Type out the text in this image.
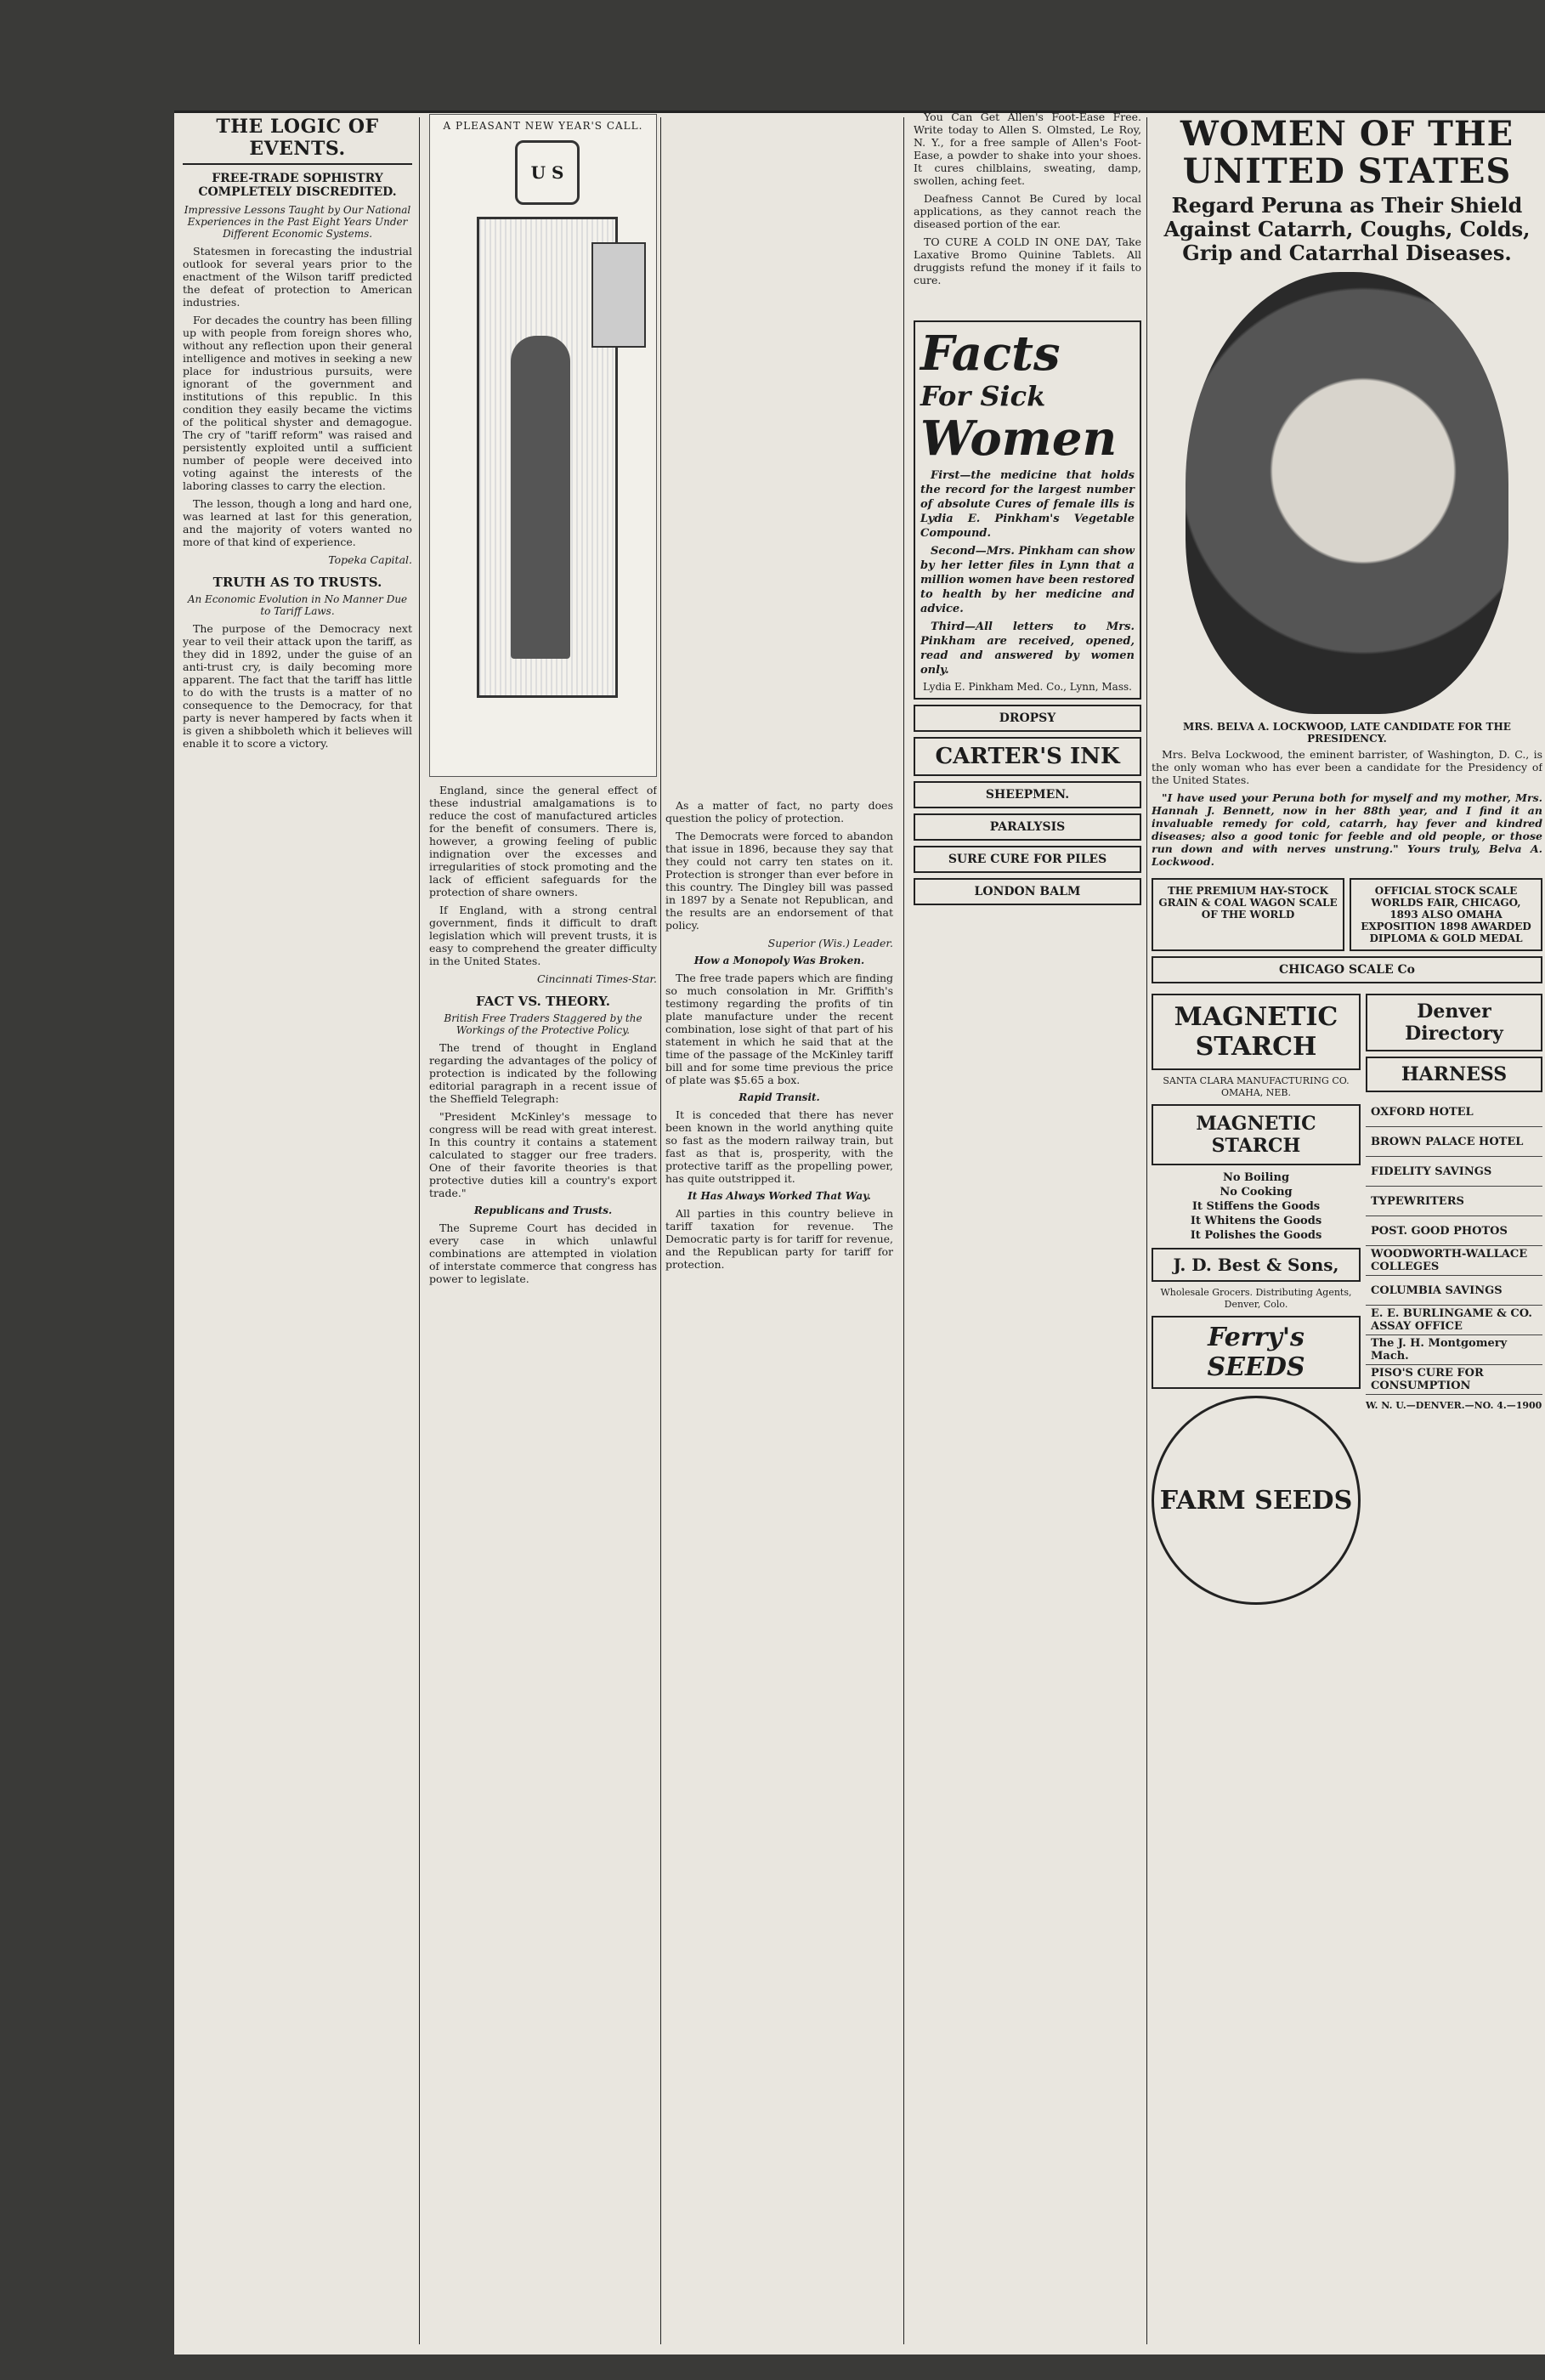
THE LOGIC OF EVENTS.
FREE-TRADE SOPHISTRY COMPLETELY DISCREDITED.
Impressive Lessons Taught by Our National Experiences in the Past Eight Years Under Different Economic Systems.

Statesmen in forecasting the industrial outlook for several years prior to the enactment of the Wilson tariff predicted the defeat of protection to American industries.

For decades the country has been filling up with people from foreign shores who, without any reflection upon their general intelligence and motives in seeking a new place for industrious pursuits, were ignorant of the government and institutions of this republic. In this condition they easily became the victims of the political shyster and demagogue. The cry of "tariff reform" was raised and persistently exploited until a sufficient number of people were deceived into voting against the interests of the laboring classes to carry the election.

The lesson, though a long and hard one, was learned at last for this generation, and the majority of voters wanted no more of that kind of experience.

Topeka Capital.

TRUTH AS TO TRUSTS.
An Economic Evolution in No Manner Due to Tariff Laws.

The purpose of the Democracy next year to veil their attack upon the tariff, as they did in 1892, under the guise of an anti-trust cry, is daily becoming more apparent. The fact that the tariff has little to do with the trusts is a matter of no consequence to the Democracy, for that party is never hampered by facts when it is given a shibboleth which it believes will enable it to score a victory.

A PLEASANT NEW YEAR'S CALL.
U S

England, since the general effect of these industrial amalgamations is to reduce the cost of manufactured articles for the benefit of consumers. There is, however, a growing feeling of public indignation over the excesses and irregularities of stock promoting and the lack of efficient safeguards for the protection of share owners.

If England, with a strong central government, finds it difficult to draft legislation which will prevent trusts, it is easy to comprehend the greater difficulty in the United States.

Cincinnati Times-Star.

FACT VS. THEORY.
British Free Traders Staggered by the Workings of the Protective Policy.

The trend of thought in England regarding the advantages of the policy of protection is indicated by the following editorial paragraph in a recent issue of the Sheffield Telegraph:

"President McKinley's message to congress will be read with great interest. In this country it contains a statement calculated to stagger our free traders. One of their favorite theories is that protective duties kill a country's export trade."

Republicans and Trusts.

The Supreme Court has decided in every case in which unlawful combinations are attempted in violation of interstate commerce that congress has power to legislate.

As a matter of fact, no party does question the policy of protection.

The Democrats were forced to abandon that issue in 1896, because they say that they could not carry ten states on it. Protection is stronger than ever before in this country. The Dingley bill was passed in 1897 by a Senate not Republican, and the results are an endorsement of that policy.

Superior (Wis.) Leader.

How a Monopoly Was Broken.

The free trade papers which are finding so much consolation in Mr. Griffith's testimony regarding the profits of tin plate manufacture under the recent combination, lose sight of that part of his statement in which he said that at the time of the passage of the McKinley tariff bill and for some time previous the price of plate was $5.65 a box.

Rapid Transit.

It is conceded that there has never been known in the world anything quite so fast as the modern railway train, but fast as that is, prosperity, with the protective tariff as the propelling power, has quite outstripped it.

It Has Always Worked That Way.

All parties in this country believe in tariff taxation for revenue. The Democratic party is for tariff for revenue, and the Republican party for tariff for protection.

You Can Get Allen's Foot-Ease Free. Write today to Allen S. Olmsted, Le Roy, N. Y., for a free sample of Allen's Foot-Ease, a powder to shake into your shoes. It cures chilblains, sweating, damp, swollen, aching feet.

Deafness Cannot Be Cured by local applications, as they cannot reach the diseased portion of the ear.

TO CURE A COLD IN ONE DAY, Take Laxative Bromo Quinine Tablets. All druggists refund the money if it fails to cure.

Facts
For Sick
Women

First—the medicine that holds the record for the largest number of absolute Cures of female ills is Lydia E. Pinkham's Vegetable Compound.

Second—Mrs. Pinkham can show by her letter files in Lynn that a million women have been restored to health by her medicine and advice.

Third—All letters to Mrs. Pinkham are received, opened, read and answered by women only.

Lydia E. Pinkham Med. Co., Lynn, Mass.
DROPSY
CARTER'S INK
SHEEPMEN.
PARALYSIS
SURE CURE FOR PILES
LONDON BALM
WOMEN OF THE UNITED STATES
Regard Peruna as Their Shield Against Catarrh, Coughs, Colds, Grip and Catarrhal Diseases.
MRS. BELVA A. LOCKWOOD, LATE CANDIDATE FOR THE PRESIDENCY.

Mrs. Belva Lockwood, the eminent barrister, of Washington, D. C., is the only woman who has ever been a candidate for the Presidency of the United States.

"I have used your Peruna both for myself and my mother, Mrs. Hannah J. Bennett, now in her 88th year, and I find it an invaluable remedy for cold, catarrh, hay fever and kindred diseases; also a good tonic for feeble and old people, or those run down and with nerves unstrung." Yours truly, Belva A. Lockwood.

THE PREMIUM HAY-STOCK GRAIN & COAL WAGON SCALE OF THE WORLD
OFFICIAL STOCK SCALE WORLDS FAIR, CHICAGO, 1893 ALSO OMAHA EXPOSITION 1898 AWARDED DIPLOMA & GOLD MEDAL
CHICAGO SCALE Co
MAGNETIC STARCH
SANTA CLARA MANUFACTURING CO. OMAHA, NEB.
MAGNETIC STARCH
No Boiling
No Cooking
It Stiffens the Goods
It Whitens the Goods
It Polishes the Goods
J. D. Best & Sons,
Wholesale Grocers. Distributing Agents, Denver, Colo.
Ferry's SEEDS
FARM SEEDS
Denver Directory
HARNESS
OXFORD HOTEL
BROWN PALACE HOTEL
FIDELITY SAVINGS
TYPEWRITERS
POST. GOOD PHOTOS
WOODWORTH-WALLACE COLLEGES
COLUMBIA SAVINGS
E. E. BURLINGAME & CO. ASSAY OFFICE
The J. H. Montgomery Mach.
PISO'S CURE FOR CONSUMPTION
W. N. U.—DENVER.—NO. 4.—1900
